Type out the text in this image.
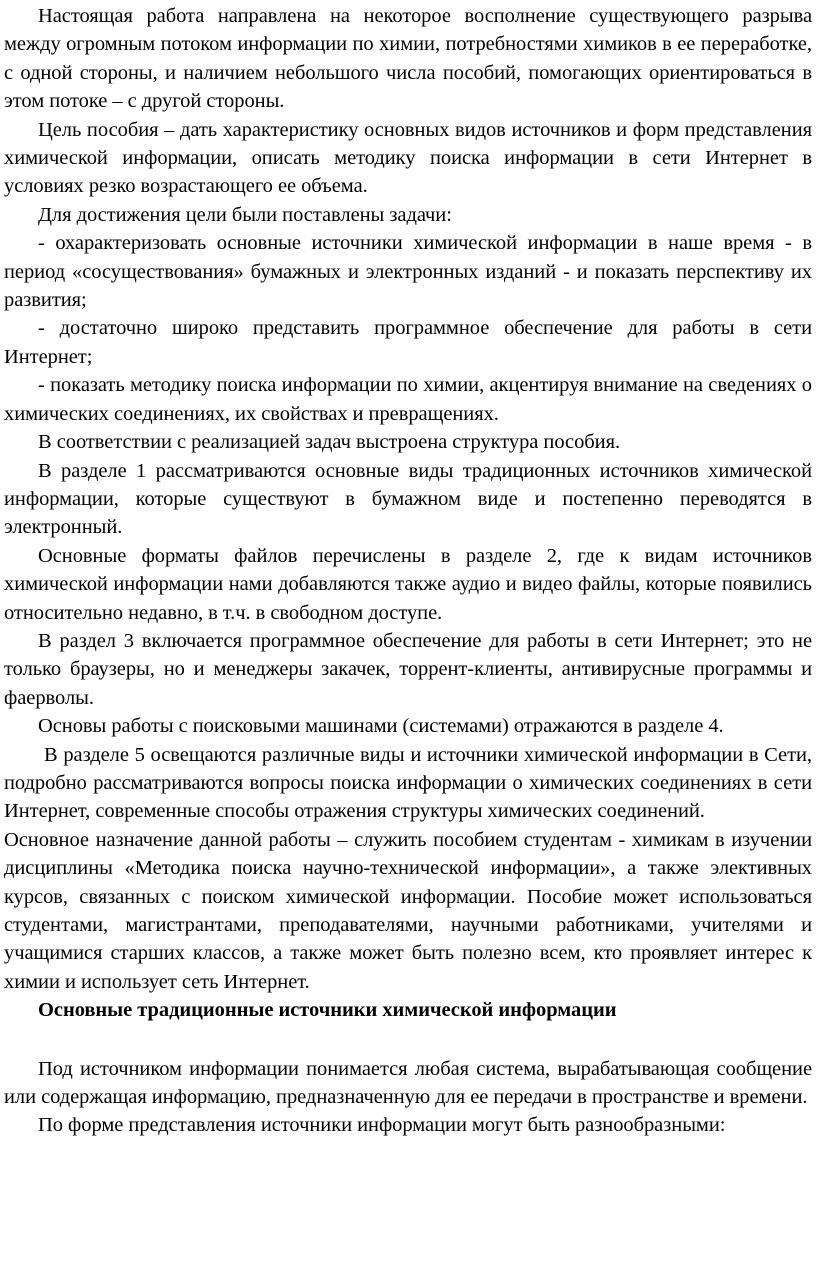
Настоящая работа направлена на некоторое восполнение существующего разрыва между огромным потоком информации по химии, потребностями химиков в ее переработке, с одной стороны, и наличием небольшого числа пособий, помогающих ориентироваться в этом потоке – с другой стороны.

Цель пособия – дать характеристику основных видов источников и форм представления химической информации, описать методику поиска информации в сети Интернет в условиях резко возрастающего ее объема.

Для достижения цели были поставлены задачи:

- охарактеризовать основные источники химической информации в наше время - в период «сосуществования» бумажных и электронных изданий - и показать перспективу их развития;

- достаточно широко представить программное обеспечение для работы в сети Интернет;

- показать методику поиска информации по химии, акцентируя внимание на сведениях о химических соединениях, их свойствах и превращениях.

В соответствии с реализацией задач выстроена структура пособия.

В разделе 1 рассматриваются основные виды традиционных источников химической информации, которые существуют в бумажном виде и постепенно переводятся в электронный.

Основные форматы файлов перечислены в разделе 2, где к видам источников химической информации нами добавляются также аудио и видео файлы, которые появились относительно недавно, в т.ч. в свободном доступе.

В раздел 3 включается программное обеспечение для работы в сети Интернет; это не только браузеры, но и менеджеры закачек, торрент-клиенты, антивирусные программы и фаерволы.

Основы работы с поисковыми машинами (системами) отражаются в разделе 4.

В разделе 5 освещаются различные виды и источники химической информации в Сети, подробно рассматриваются вопросы поиска информации о химических соединениях в сети Интернет, современные способы отражения структуры химических соединений.

Основное назначение данной работы – служить пособием студентам - химикам в изучении дисциплины «Методика поиска научно-технической информации», а также элективных курсов, связанных с поиском химической информации. Пособие может использоваться студентами, магистрантами, преподавателями, научными работниками, учителями и учащимися старших классов, а также может быть полезно всем, кто проявляет интерес к химии и использует сеть Интернет.

Основные традиционные источники химической информации

Под источником информации понимается любая система, вырабатывающая сообщение или содержащая информацию, предназначенную для ее передачи в пространстве и времени.

По форме представления источники информации могут быть разнообразными:
